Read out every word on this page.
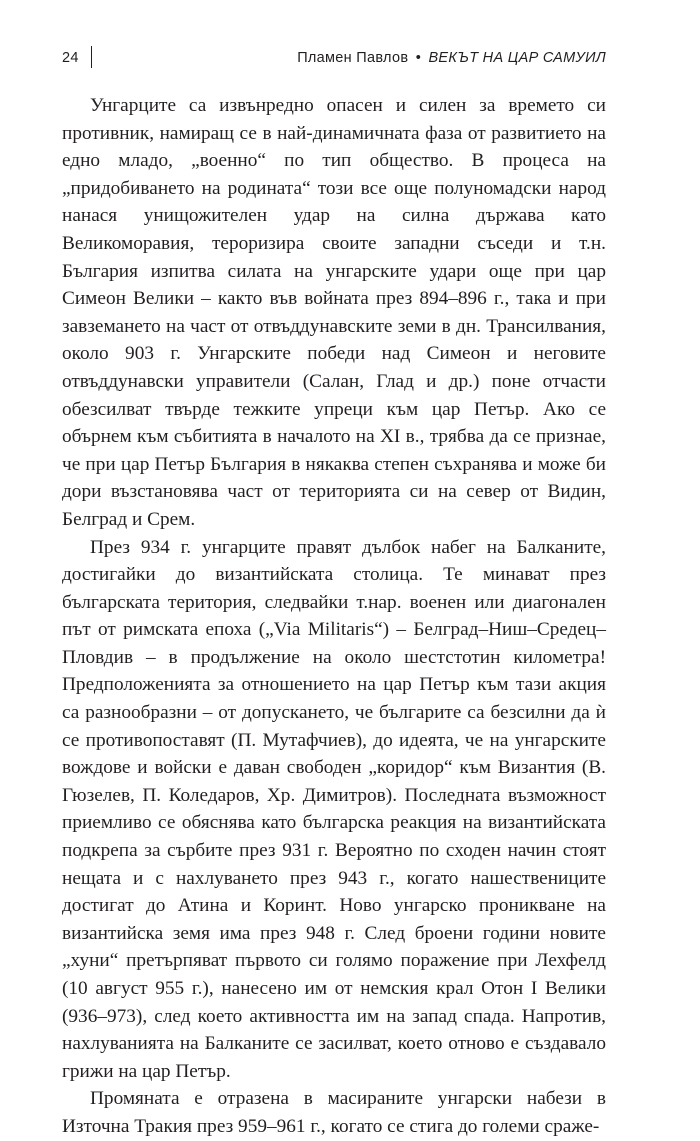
24	Пламен Павлов • ВЕКЪТ НА ЦАР САМУИЛ

Унгарците са извънредно опасен и силен за времето си противник, намиращ се в най-динамичната фаза от развитието на едно младо, „военно“ по тип общество. В процеса на „придобиването на родината“ този все още полуномадски народ нанася унищожителен удар на силна държава като Великоморавия, тероризира своите западни съседи и т.н. България изпитва силата на унгарските удари още при цар Симеон Велики – както във войната през 894–896 г., така и при завземането на част от отвъддунавските земи в дн. Трансилвания, около 903 г. Унгарските победи над Симеон и неговите отвъддунавски управители (Салан, Глад и др.) поне отчасти обезсилват твърде тежките упреци към цар Петър. Ако се обърнем към събитията в началото на XI в., трябва да се признае, че при цар Петър България в някаква степен съхранява и може би дори възстановява част от територията си на север от Видин, Белград и Срем.

През 934 г. унгарците правят дълбок набег на Балканите, достигайки до византийската столица. Те минават през българската територия, следвайки т.нар. военен или диагонален път от римската епоха („Via Militaris“) – Белград–Ниш–Средец–Пловдив – в продължение на около шестстотин километра! Предположенията за отношението на цар Петър към тази акция са разнообразни – от допускането, че българите са безсилни да ѝ се противопоставят (П. Мутафчиев), до идеята, че на унгарските вождове и войски е даван свободен „коридор“ към Византия (В. Гюзелев, П. Коледаров, Хр. Димитров). Последната възможност приемливо се обяснява като българска реакция на византийската подкрепа за сърбите през 931 г. Вероятно по сходен начин стоят нещата и с нахлуването през 943 г., когато нашествениците достигат до Атина и Коринт. Ново унгарско проникване на византийска земя има през 948 г. След броени години новите „хуни“ претърпяват първото си голямо поражение при Лехфелд (10 август 955 г.), нанесено им от немския крал Отон I Велики (936–973), след което активността им на запад спада. Напротив, нахлуванията на Балканите се засилват, което отново е създавало грижи на цар Петър.

Промяната е отразена в масираните унгарски набези в Източна Тракия през 959–961 г., когато се стига до големи сраже-
